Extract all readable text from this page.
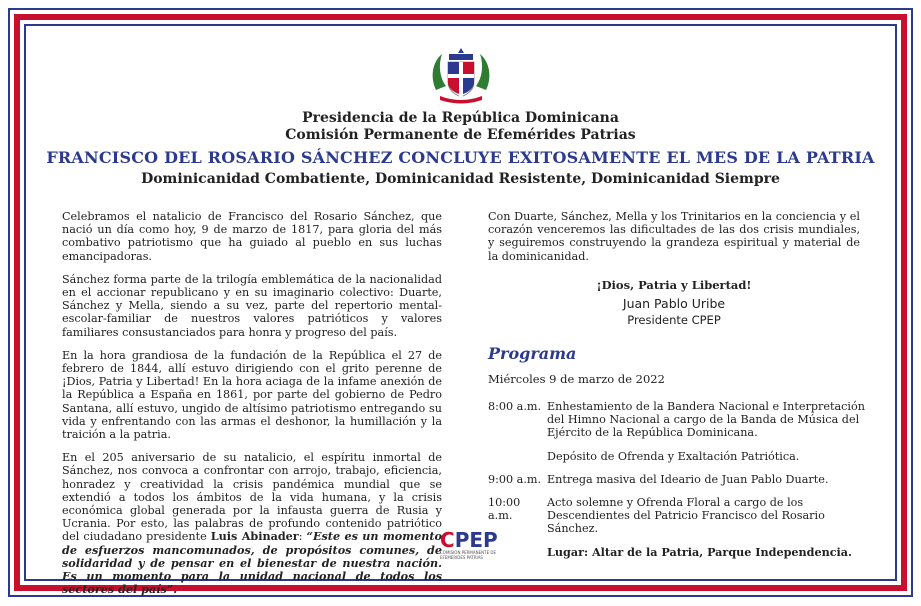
Presidencia de la República Dominicana
Comisión Permanente de Efemérides Patrias
FRANCISCO DEL ROSARIO SÁNCHEZ CONCLUYE EXITOSAMENTE EL MES DE LA PATRIA
Dominicanidad Combatiente, Dominicanidad Resistente, Dominicanidad Siempre

Celebramos el natalicio de Francisco del Rosario Sánchez, que nació un día como hoy, 9 de marzo de 1817, para gloria del más combativo patriotismo que ha guiado al pueblo en sus luchas emancipadoras.

Sánchez forma parte de la trilogía emblemática de la nacionalidad en el accionar republicano y en su imaginario colectivo: Duarte, Sánchez y Mella, siendo a su vez, parte del repertorio mental-escolar-familiar de nuestros valores patrióticos y valores familiares consustanciados para honra y progreso del país.

En la hora grandiosa de la fundación de la República el 27 de febrero de 1844, allí estuvo dirigiendo con el grito perenne de ¡Dios, Patria y Libertad! En la hora aciaga de la infame anexión de la República a España en 1861, por parte del gobierno de Pedro Santana, allí estuvo, ungido de altísimo patriotismo entregando su vida y enfrentando con las armas el deshonor, la humillación y la traición a la patria.

En el 205 aniversario de su natalicio, el espíritu inmortal de Sánchez, nos convoca a confrontar con arrojo, trabajo, eficiencia, honradez y creatividad la crisis pandémica mundial que se extendió a todos los ámbitos de la vida humana, y la crisis económica global generada por la infausta guerra de Rusia y Ucrania. Por esto, las palabras de profundo contenido patriótico del ciudadano presidente Luis Abinader: “Este es un momento de esfuerzos mancomunados, de propósitos comunes, de solidaridad y de pensar en el bienestar de nuestra nación. Es un momento para la unidad nacional de todos los sectores del país”.

Con Duarte, Sánchez, Mella y los Trinitarios en la conciencia y el corazón venceremos las dificultades de las dos crisis mundiales, y seguiremos construyendo la grandeza espiritual y material de la dominicanidad.
¡Dios, Patria y Libertad!
Juan Pablo Uribe
Presidente CPEP
Programa
Miércoles 9 de marzo de 2022
8:00 a.m. Enhestamiento de la Bandera Nacional e Interpretación del Himno Nacional a cargo de la Banda de Música del Ejército de la República Dominicana.
Depósito de Ofrenda y Exaltación Patriótica.
9:00 a.m. Entrega masiva del Ideario de Juan Pablo Duarte.
10:00 a.m.
Acto solemne y Ofrenda Floral a cargo de los Descendientes del Patricio Francisco del Rosario Sánchez.
Lugar: Altar de la Patria, Parque Independencia.
CPEP
COMISION PERMANENTE DE EFEMERIDES PATRIAS
